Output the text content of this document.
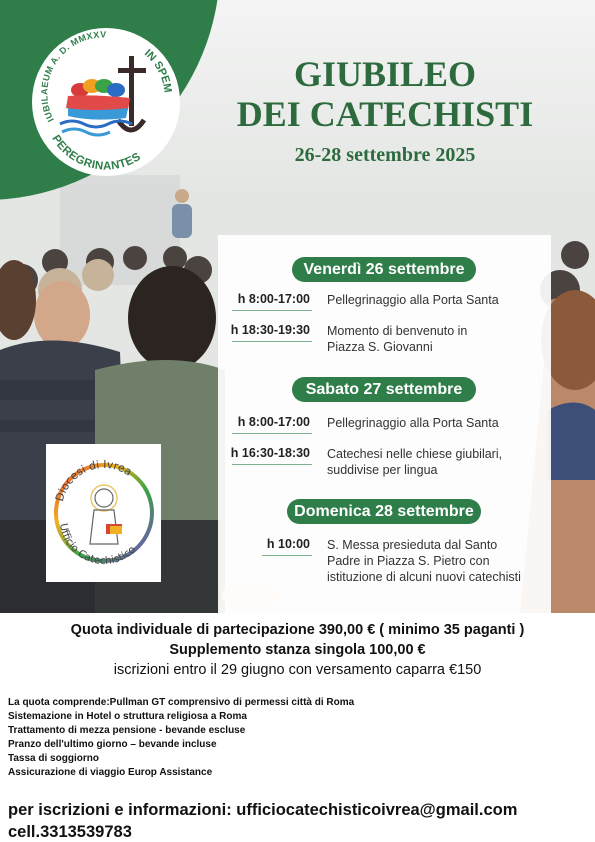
IUBILAEUM A. D. MMXXV
IN SPEM
PEREGRINANTES
GIUBILEO
DEI CATECHISTI
26-28 settembre 2025
Venerdì 26 settembre
h 8:00-17:00 Pellegrinaggio alla Porta Santa
h 18:30-19:30 Momento di benvenuto in Piazza S. Giovanni
Sabato 27 settembre
h 8:00-17:00 Pellegrinaggio alla Porta Santa
h 16:30-18:30 Catechesi nelle chiese giubilari, suddivise per lingua
Domenica 28 settembre
h 10:00 S. Messa presieduta dal Santo Padre in Piazza S. Pietro con istituzione di alcuni nuovi catechisti
Diocesi di Ivrea
Ufficio Catechistico
Quota individuale di partecipazione 390,00 € ( minimo 35 paganti )
Supplemento stanza singola 100,00 €
iscrizioni entro il 29 giugno con versamento caparra €150
La quota comprende:Pullman GT comprensivo di permessi città di Roma
Sistemazione in Hotel o struttura religiosa a Roma
Trattamento di mezza pensione - bevande escluse
Pranzo dell'ultimo giorno – bevande incluse
Tassa di soggiorno
Assicurazione di viaggio Europ Assistance
per iscrizioni e informazioni: ufficiocatechisticoivrea@gmail.com
cell.3313539783
